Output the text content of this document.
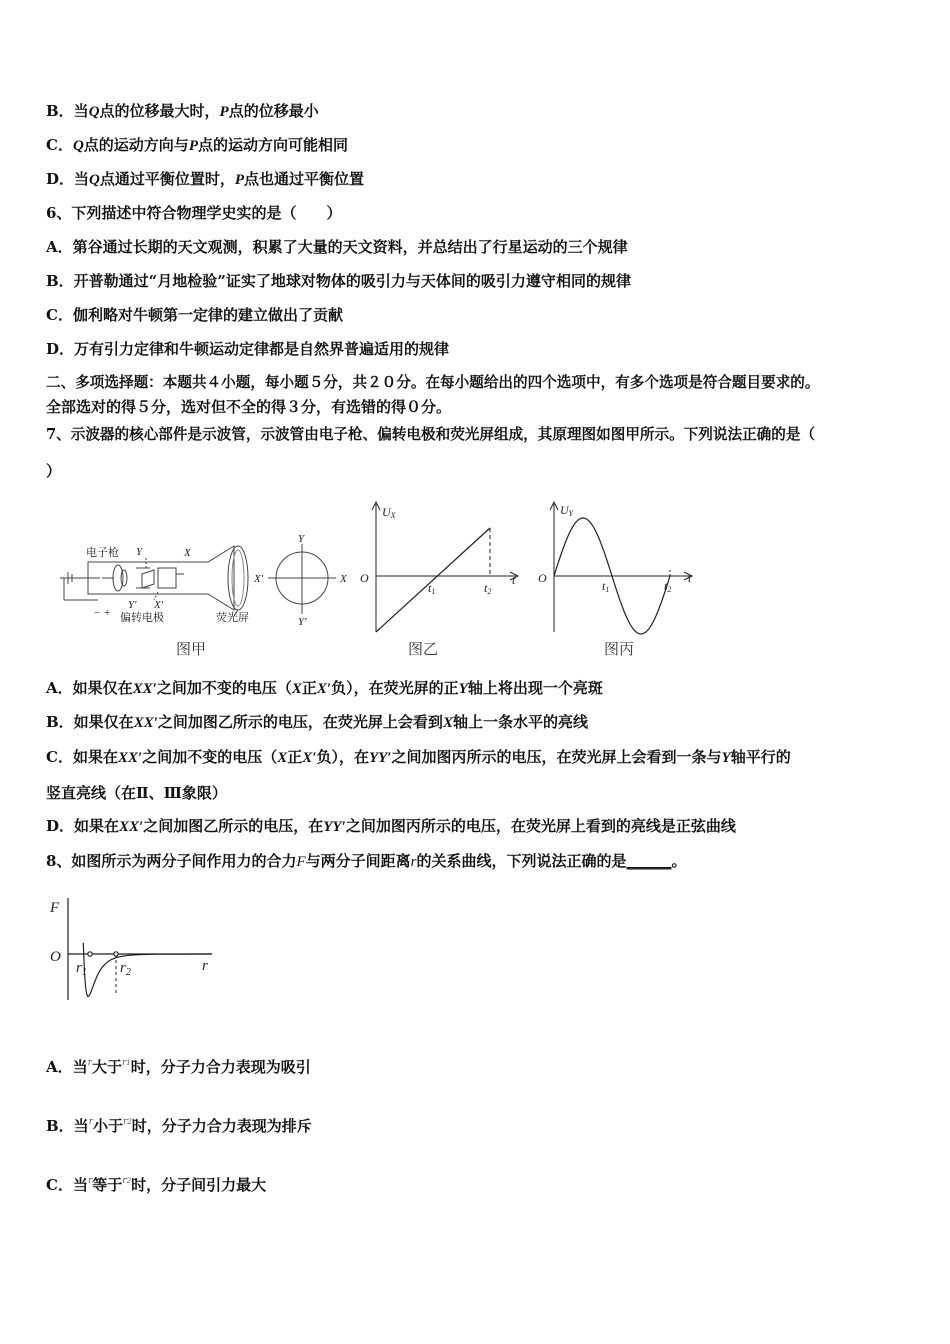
B．当Q点的位移最大时，P点的位移最小
C．Q点的运动方向与P点的运动方向可能相同
D．当Q点通过平衡位置时，P点也通过平衡位置
6、下列描述中符合物理学史实的是（　　）
A．第谷通过长期的天文观测，积累了大量的天文资料，并总结出了行星运动的三个规律
B．开普勒通过“月地检验”证实了地球对物体的吸引力与天体间的吸引力遵守相同的规律
C．伽利略对牛顿第一定律的建立做出了贡献
D．万有引力定律和牛顿运动定律都是自然界普遍适用的规律
二、多项选择题：本题共４小题，每小题５分，共２０分。在每小题给出的四个选项中，有多个选项是符合题目要求的。
全部选对的得５分，选对但不全的得３分，有选错的得０分。
7、示波器的核心部件是示波管，示波管由电子枪、偏转电极和荧光屏组成，其原理图如图甲所示。下列说法正确的是（
）
电子枪 Y	X
Y′ X′
偏转电极	荧光屏
X′	X
Y
Y′
− +
图甲
UX
O
t1	t2
t
图乙
UY
O
t1	t2
t
图丙
A．如果仅在XX′之间加不变的电压（X正X′负），在荧光屏的正Y轴上将出现一个亮斑
B．如果仅在XX′之间加图乙所示的电压，在荧光屏上会看到X轴上一条水平的亮线
C．如果在XX′之间加不变的电压（X正X′负），在YY′之间加图丙所示的电压，在荧光屏上会看到一条与Y轴平行的
竖直亮线（在Ⅱ、Ⅲ象限）
D．如果在XX′之间加图乙所示的电压，在YY′之间加图丙所示的电压，在荧光屏上看到的亮线是正弦曲线
8、如图所示为两分子间作用力的合力F与两分子间距离r的关系曲线，下列说法正确的是______。
F
O
$r_1$ $r_2$	r
A．当$^r$大于$^{r1}$时，分子力合力表现为吸引
B．当$^r$小于$^{r2}$时，分子力合力表现为排斥
C．当$^r$等于$^{r2}$时，分子间引力最大
